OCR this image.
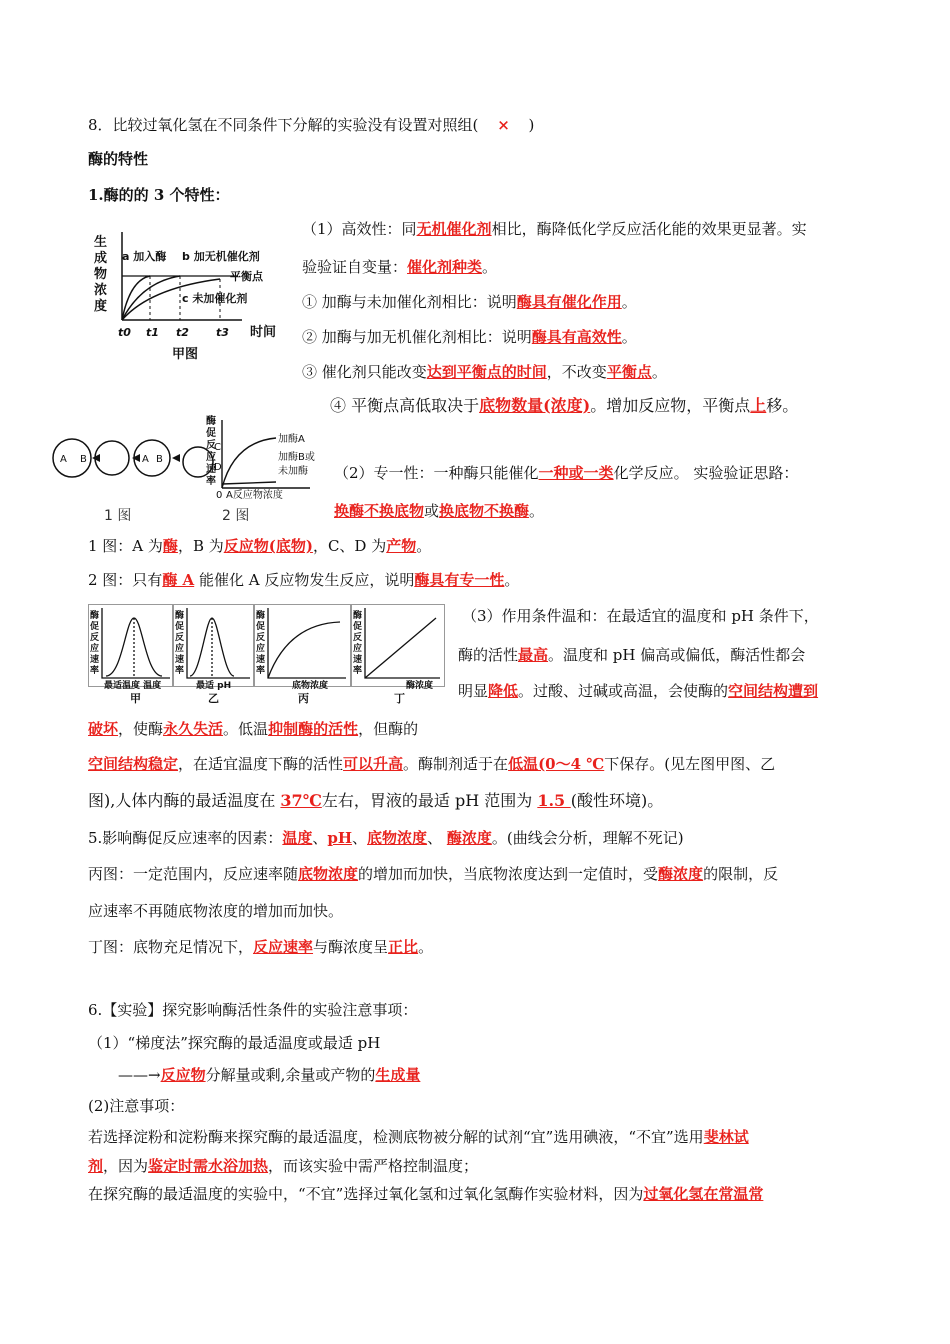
8．比较过氧化氢在不同条件下分解的实验没有设置对照组( × )
酶的特性
1.酶的的 3 个特性：
生
成
物
浓
度
a 加入酶 b 加无机催化剂
平衡点
c 未加催化剂
t0 t1 t2 t3 时间
甲图
（1）高效性：同无机催化剂相比，酶降低化学反应活化能的效果更显著。实
验验证自变量：催化剂种类。
① 加酶与未加催化剂相比：说明酶具有催化作用。
② 加酶与加无机催化剂相比：说明酶具有高效性。
③ 催化剂只能改变达到平衡点的时间，不改变平衡点。
④ 平衡点高低取决于底物数量(浓度)。增加反应物，平衡点上移。
A B	A B
C
D
酶
促
反
应
速
率
加酶A
加酶B或
未加酶
0 A反应物浓度
1 图	2 图
（2）专一性：一种酶只能催化一种或一类化学反应。 实验验证思路：
换酶不换底物或换底物不换酶。
1 图：A 为酶，B 为反应物(底物)，C、D 为产物。
2 图：只有酶 A 能催化 A 反应物发生反应，说明酶具有专一性。
酶
促
反
应
速
率
酶
促
反
应
速
率
酶
促
反
应
速
率
酶
促
反
应
速
率
最适温度 温度	最适 pH	底物浓度	酶浓度
甲	乙	丙	丁
（3）作用条件温和：在最适宜的温度和 pH 条件下，
酶的活性最高。温度和 pH 偏高或偏低，酶活性都会
明显降低。过酸、过碱或高温，会使酶的空间结构遭到
破坏，使酶永久失活。低温抑制酶的活性，但酶的
空间结构稳定，在适宜温度下酶的活性可以升高。酶制剂适于在低温(0～4 ℃下保存。(见左图甲图、乙
图),人体内酶的最适温度在 37℃左右，胃液的最适 pH 范围为 1.5 (酸性环境)。
5.影响酶促反应速率的因素：温度、pH、底物浓度、 酶浓度。(曲线会分析，理解不死记)
丙图：一定范围内，反应速率随底物浓度的增加而加快，当底物浓度达到一定值时，受酶浓度的限制，反
应速率不再随底物浓度的增加而加快。
丁图：底物充足情况下，反应速率与酶浓度呈正比。
6.【实验】探究影响酶活性条件的实验注意事项：
（1）“梯度法”探究酶的最适温度或最适 pH
——→反应物分解量或剩,余量或产物的生成量
(2)注意事项：
若选择淀粉和淀粉酶来探究酶的最适温度，检测底物被分解的试剂“宜”选用碘液，“不宜”选用斐林试
剂，因为鉴定时需水浴加热，而该实验中需严格控制温度；
在探究酶的最适温度的实验中，“不宜”选择过氧化氢和过氧化氢酶作实验材料，因为过氧化氢在常温常
